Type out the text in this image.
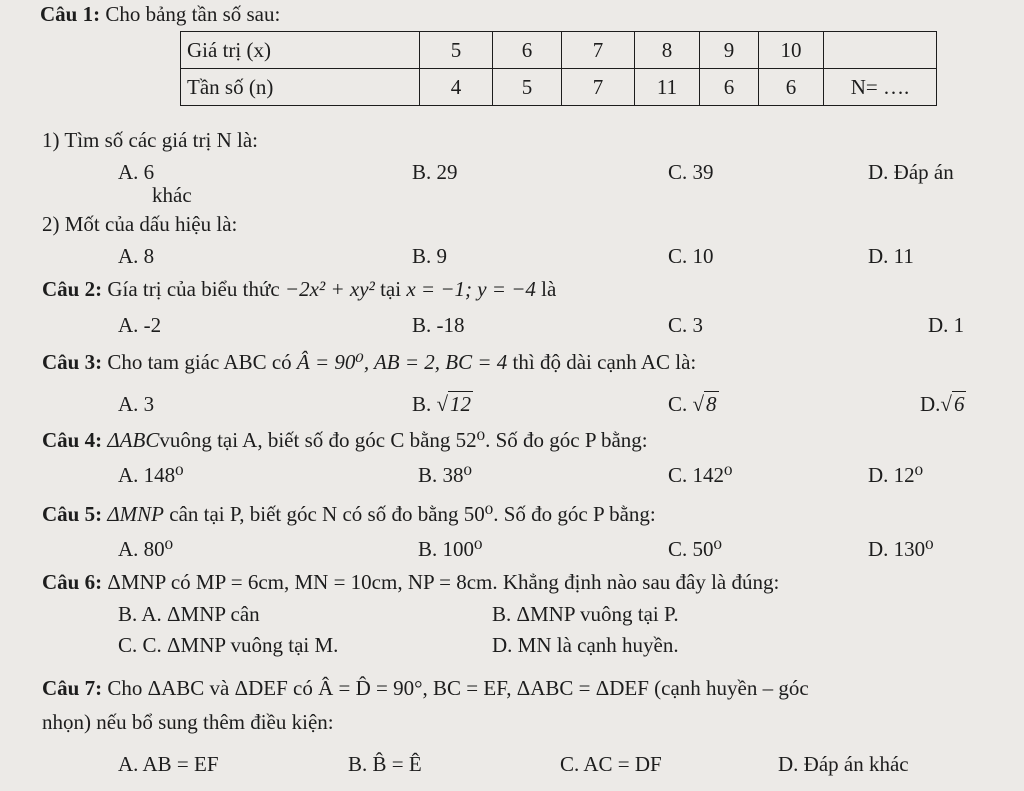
Câu 1: Cho bảng tần số sau:
Giá trị (x)	5	6	7	8	9	10	
Tần số (n)	4	5	7	11	6	6	N= ….
1) Tìm số các giá trị N là:
A. 6	B. 29	C. 39	D. Đáp án
khác
2) Mốt của dấu hiệu là:
A. 8	B. 9	C. 10	D. 11
Câu 2: Gía trị của biểu thức −2x² + xy² tại x = −1; y = −4 là
A. -2	B. -18	C. 3	D. 1
Câu 3: Cho tam giác ABC có Â = 90⁰, AB = 2, BC = 4 thì độ dài cạnh AC là:
A. 3	B. √12	C. √8	D.√6
Câu 4: ΔABCvuông tại A, biết số đo góc C bằng 52⁰. Số đo góc P bằng:
A. 148⁰	B. 38⁰	C. 142⁰	D. 12⁰
Câu 5: ΔMNP cân tại P, biết góc N có số đo bằng 50⁰. Số đo góc P bằng:
A. 80⁰	B. 100⁰	C. 50⁰	D. 130⁰
Câu 6: ΔMNP có MP = 6cm, MN = 10cm, NP = 8cm. Khẳng định nào sau đây là đúng:
B. A. ΔMNP cân	B. ΔMNP vuông tại P.
C. C. ΔMNP vuông tại M.	D. MN là cạnh huyền.
Câu 7: Cho ΔABC và ΔDEF có Â = D̂ = 90°, BC = EF, ΔABC = ΔDEF (cạnh huyền – góc
nhọn) nếu bổ sung thêm điều kiện:
A. AB = EF	B. B̂ = Ê	C. AC = DF	D. Đáp án khác
